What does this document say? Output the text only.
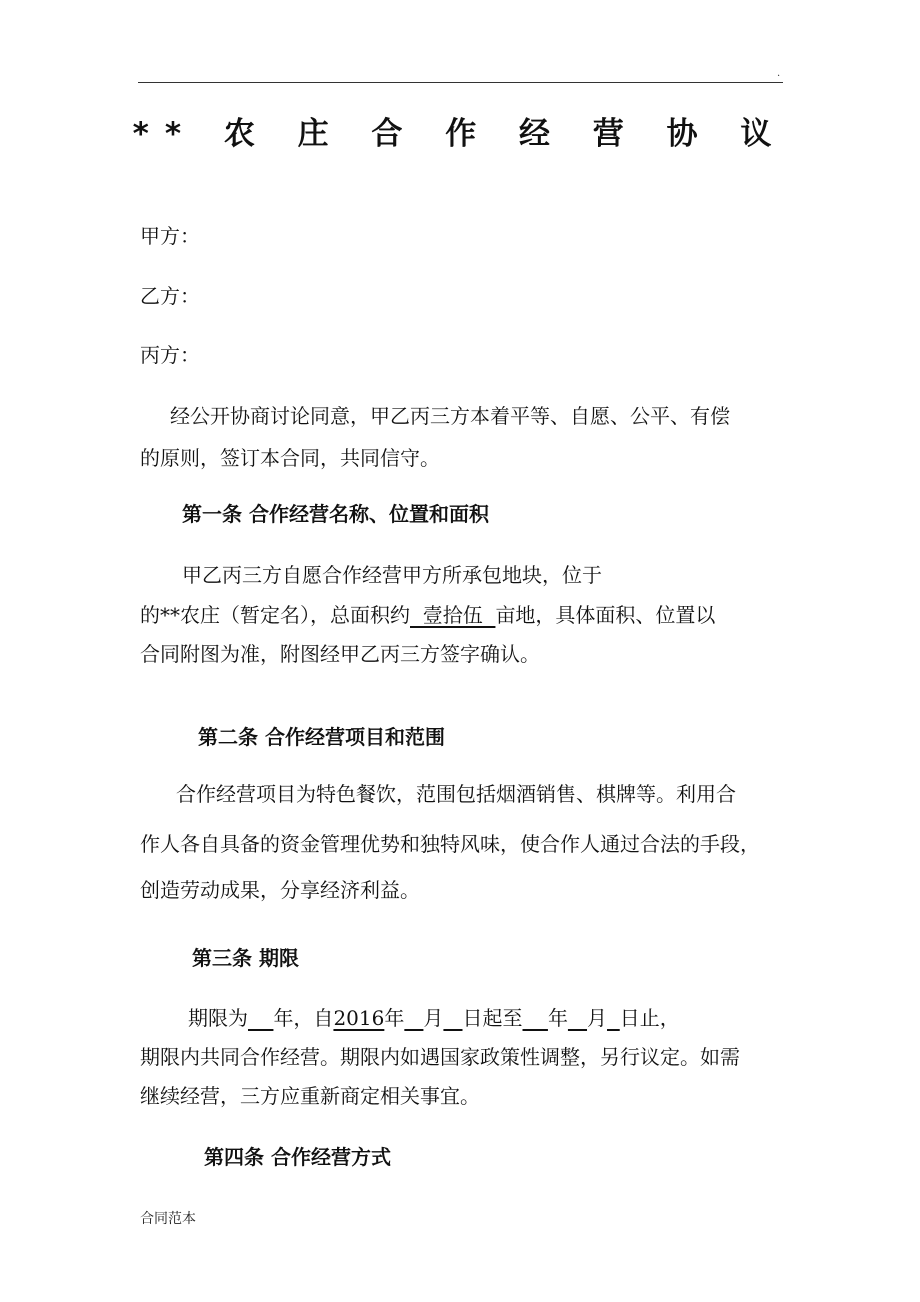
.
** 农 庄 合 作 经 营 协 议
甲方：
乙方：
丙方：
经公开协商讨论同意，甲乙丙三方本着平等、自愿、公平、有偿
的原则，签订本合同，共同信守。
第一条 合作经营名称、位置和面积
甲乙丙三方自愿合作经营甲方所承包地块，位于
的**农庄（暂定名），总面积约  壹拾伍  亩地，具体面积、位置以
合同附图为准，附图经甲乙丙三方签字确认。
第二条 合作经营项目和范围
合作经营项目为特色餐饮，范围包括烟酒销售、棋牌等。利用合
作人各自具备的资金管理优势和独特风味，使合作人通过合法的手段，
创造劳动成果，分享经济利益。
第三条 期限
期限为 年，自2016年 月 日起至 年 月 日止，
期限内共同合作经营。期限内如遇国家政策性调整，另行议定。如需
继续经营，三方应重新商定相关事宜。
第四条 合作经营方式
合同范本
